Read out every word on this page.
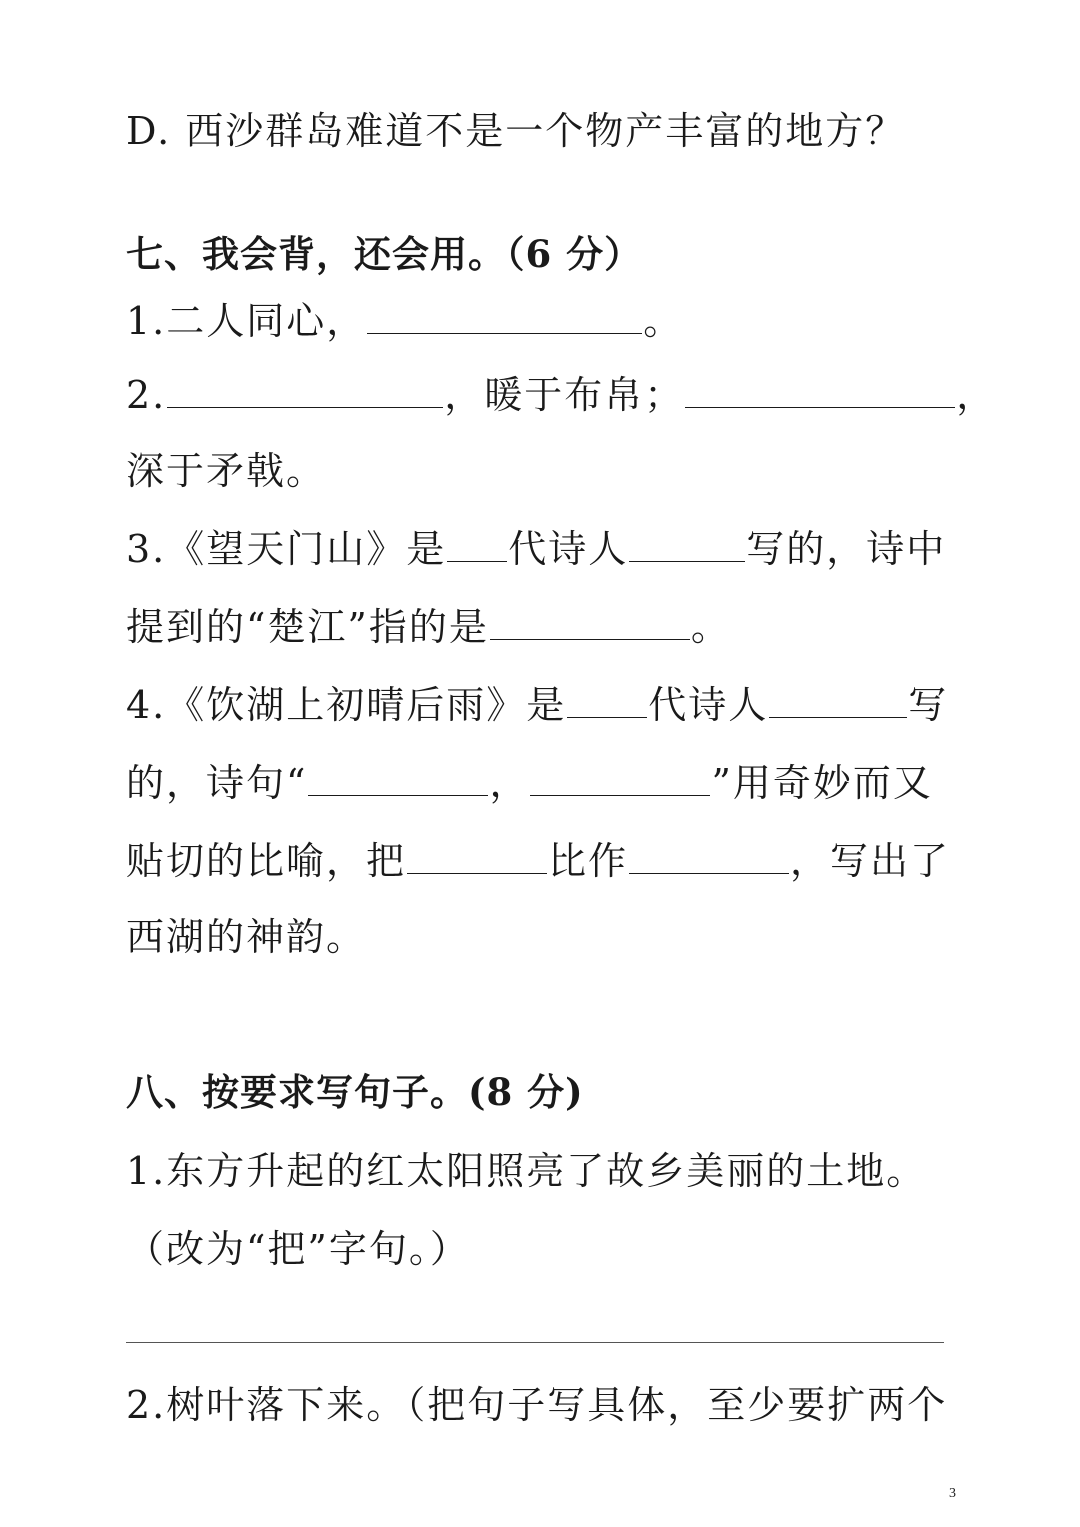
D. 西沙群岛难道不是一个物产丰富的地方？
七、我会背，还会用。（6 分）
1.二人同心，	。
2.	，暖于布帛；	，
深于矛戟。
3.《望天门山》是 代诗人	写的，诗中
提到的“楚江”指的是	。
4.《饮湖上初晴后雨》是 代诗人	写
的，诗句“	，	”用奇妙而又
贴切的比喻，把	比作	，写出了
西湖的神韵。
八、按要求写句子。(8 分)
1.东方升起的红太阳照亮了故乡美丽的土地。
（改为“把”字句。）
2.树叶落下来。（把句子写具体，至少要扩两个
3
